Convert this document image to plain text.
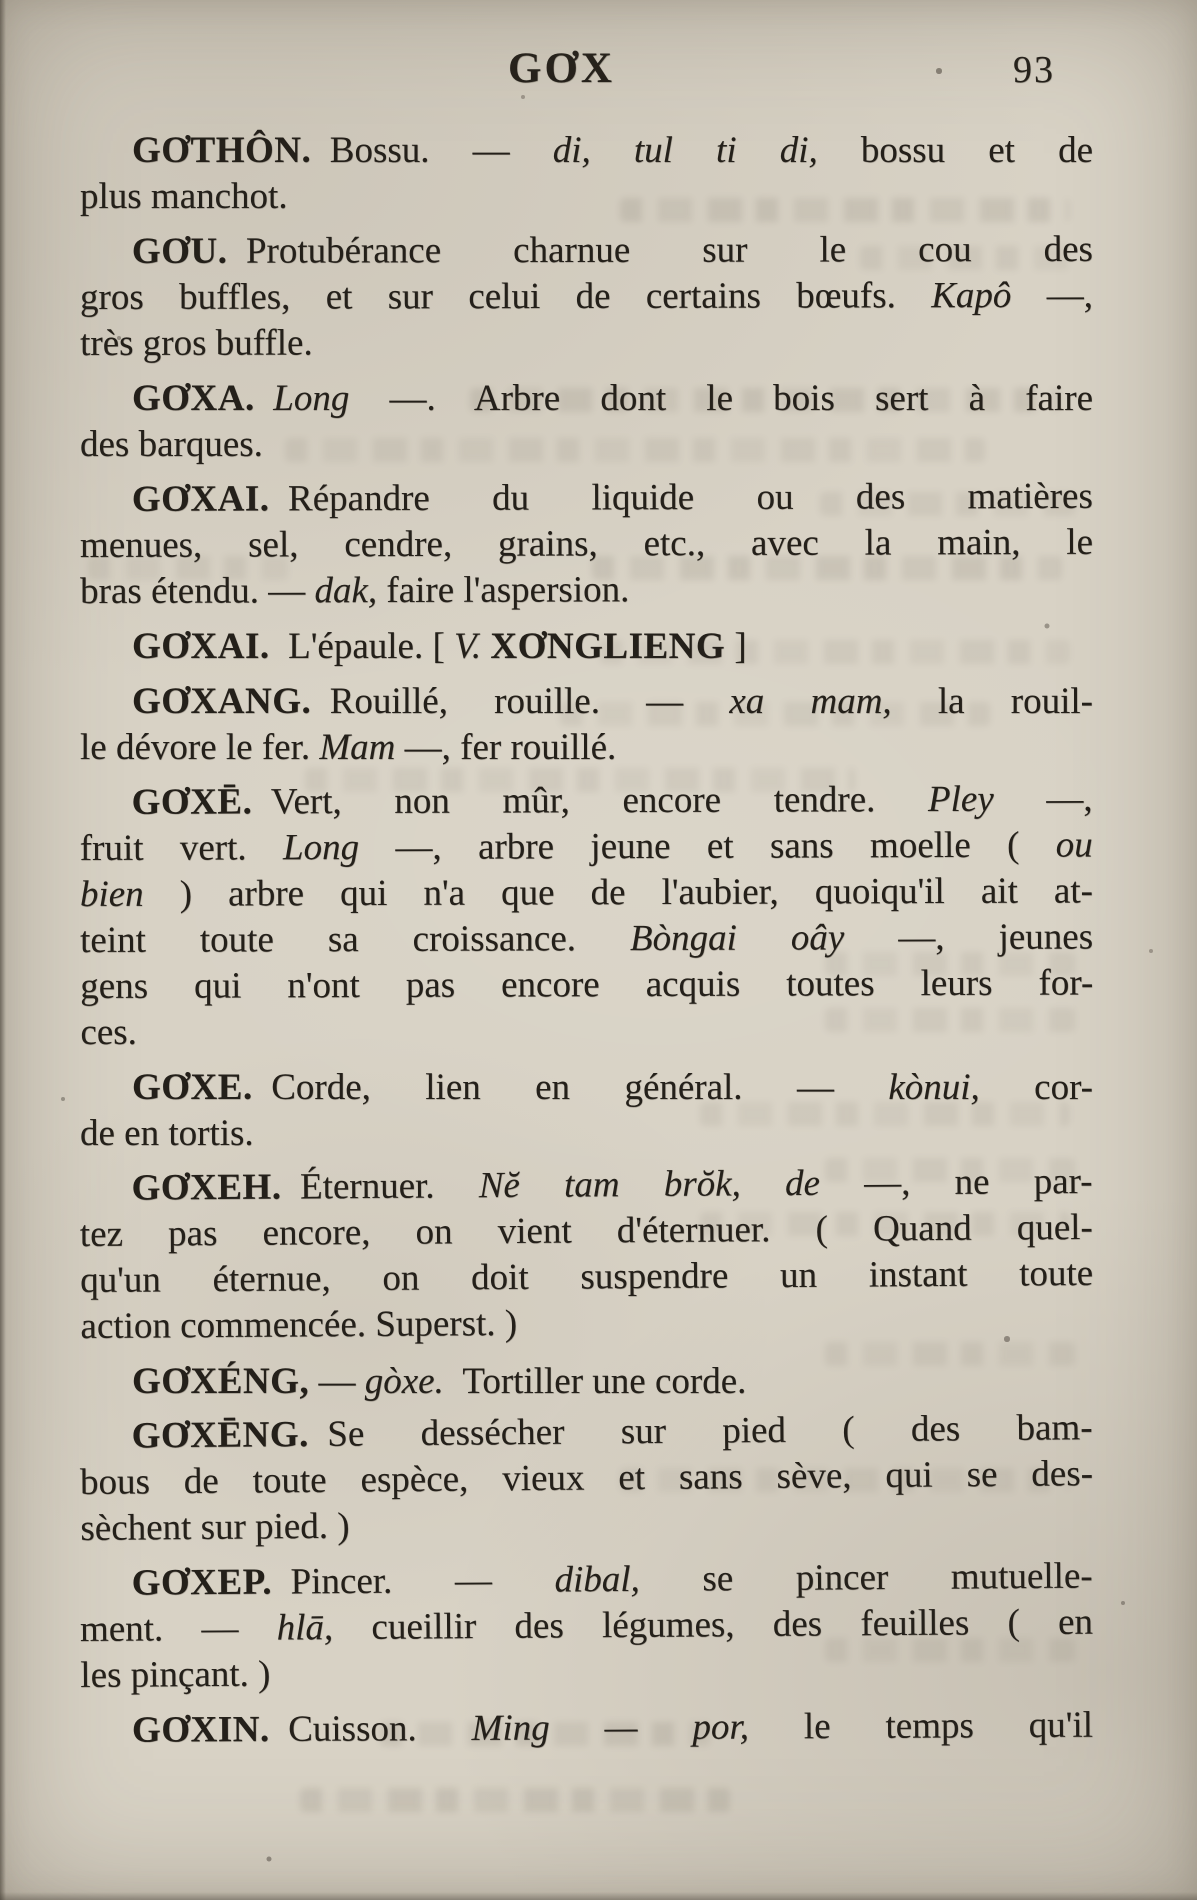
GƠX	93
GƠTHÔN. Bossu. — di, tul ti di, bossu et de
plus manchot.
GƠU. Protubérance charnue sur le cou des
gros buffles, et sur celui de certains bœufs. Kapô —,
très gros buffle.
GƠXA.  Long —. Arbre dont le bois sert à faire
des barques.
GƠXAI. Répandre du liquide ou des matières
menues, sel, cendre, grains, etc., avec la main, le
bras étendu. — dak, faire l'aspersion.
GƠXAI. L'épaule. [ V. XƠNGLIENG ]
GƠXANG. Rouillé, rouille. — xa mam, la rouil-
le dévore le fer. Mam —, fer rouillé.
GƠXĒ. Vert, non mûr, encore tendre. Pley —,
fruit vert. Long —, arbre jeune et sans moelle ( ou
bien ) arbre qui n'a que de l'aubier, quoiqu'il ait at-
teint toute sa croissance. Bòngai oây —, jeunes
gens qui n'ont pas encore acquis toutes leurs for-
ces.
GƠXE. Corde, lien en général. — kònui, cor-
de en tortis.
GƠXEH. Éternuer. Nĕ tam brŏk, de —, ne par-
tez pas encore, on vient d'éternuer. ( Quand quel-
qu'un éternue, on doit suspendre un instant toute
action commencée. Superst. )
GƠXÉNG, — gòxe. Tortiller une corde.
GƠXĒNG. Se dessécher sur pied ( des bam-
bous de toute espèce, vieux et sans sève, qui se des-
sèchent sur pied. )
GƠXEP. Pincer. — dibal, se pincer mutuelle-
ment. — hlā, cueillir des légumes, des feuilles ( en
les pinçant. )
GƠXIN. Cuisson. Ming — por, le temps qu'il
